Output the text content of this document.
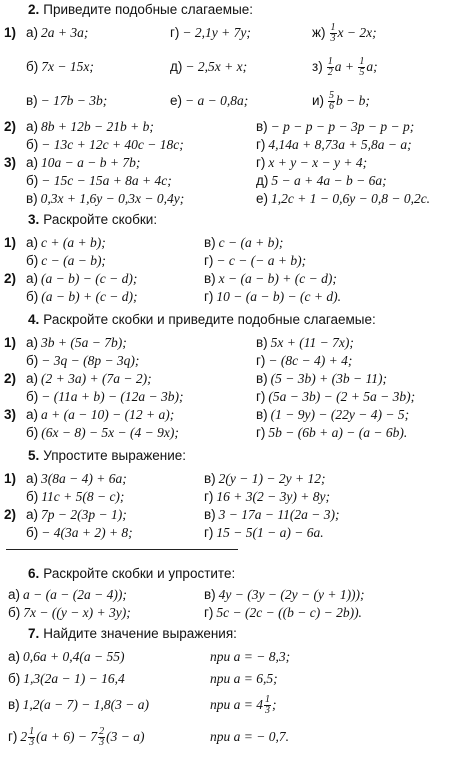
2. Приведите подобные слагаемые:
3. Раскройте скобки:
4. Раскройте скобки и приведите подобные слагаемые:
5. Упростите выражение:
6. Раскройте скобки и упростите:
7. Найдите значение выражения:
1) а) 2a + 3a;	г) − 2,1y + 7y;	$ж) \frac{1}{3}$ x − 2x;
б) 7x − 15x;	д) − 2,5x + x;	$з) \frac{1}{2}$ $a + \frac{1}{5} a$;
в) − 17b − 3b;	е) − a − 0,8a;	$и) \frac{5}{6}$ b − b;
2) а) 8b + 12b − 21b + b;	в) − p − p − p − 3p − p − p;
б) − 13c + 12c + 40c − 18c;	г) 4,14a + 8,73a + 5,8a − a;
3) а) 10a − a − b + 7b;	г) x + y − x − y + 4;
б) − 15c − 15a + 8a + 4c;	д) 5 − a + 4a − b − 6a;
в) 0,3x + 1,6y − 0,3x − 0,4y;	е) 1,2c + 1 − 0,6y − 0,8 − 0,2c.
1) а) c + (a + b);	в) c − (a + b);
б) c − (a − b);	г) − c − (− a + b);
2) а) (a − b) − (c − d);	в) x − (a − b) + (c − d);
б) (a − b) + (c − d);	г) 10 − (a − b) − (c + d).
1) а) 3b + (5a − 7b);	в) 5x + (11 − 7x);
б) − 3q − (8p − 3q);	г) − (8c − 4) + 4;
2) а) (2 + 3a) + (7a − 2);	в) (5 − 3b) + (3b − 11);
б) − (11a + b) − (12a − 3b);	г) (5a − 3b) − (2 + 5a − 3b);
3) а) a + (a − 10) − (12 + a);	в) (1 − 9y) − (22y − 4) − 5;
б) (6x − 8) − 5x − (4 − 9x);	г) 5b − (6b + a) − (a − 6b).
1) а) 3(8a − 4) + 6a;	в) 2(y − 1) − 2y + 12;
б) 11c + 5(8 − c);	г) 16 + 3(2 − 3y) + 8y;
2) а) 7p − 2(3p − 1);	в) 3 − 17a − 11(2a − 3);
б) − 4(3a + 2) + 8;	г) 15 − 5(1 − a) − 6a.
а) a − (a − (2a − 4));	в) 4y − (3y − (2y − (y + 1)));
б) 7x − ((y − x) + 3y);	г) 5c − (2c − ((b − c) − 2b)).
а) 0,6a + 0,4(a − 55)	при a = − 8,3;
б) 1,3(2a − 1) − 16,4	при a = 6,5;
в) 1,2(a − 7) − 1,8(3 − a)	при $a = 4 \frac{1}{3}$ ;
г) $2 \frac{1}{3} (a + 6) - 7 \frac{2}{3} (3 - a)$	при a = − 0,7.
